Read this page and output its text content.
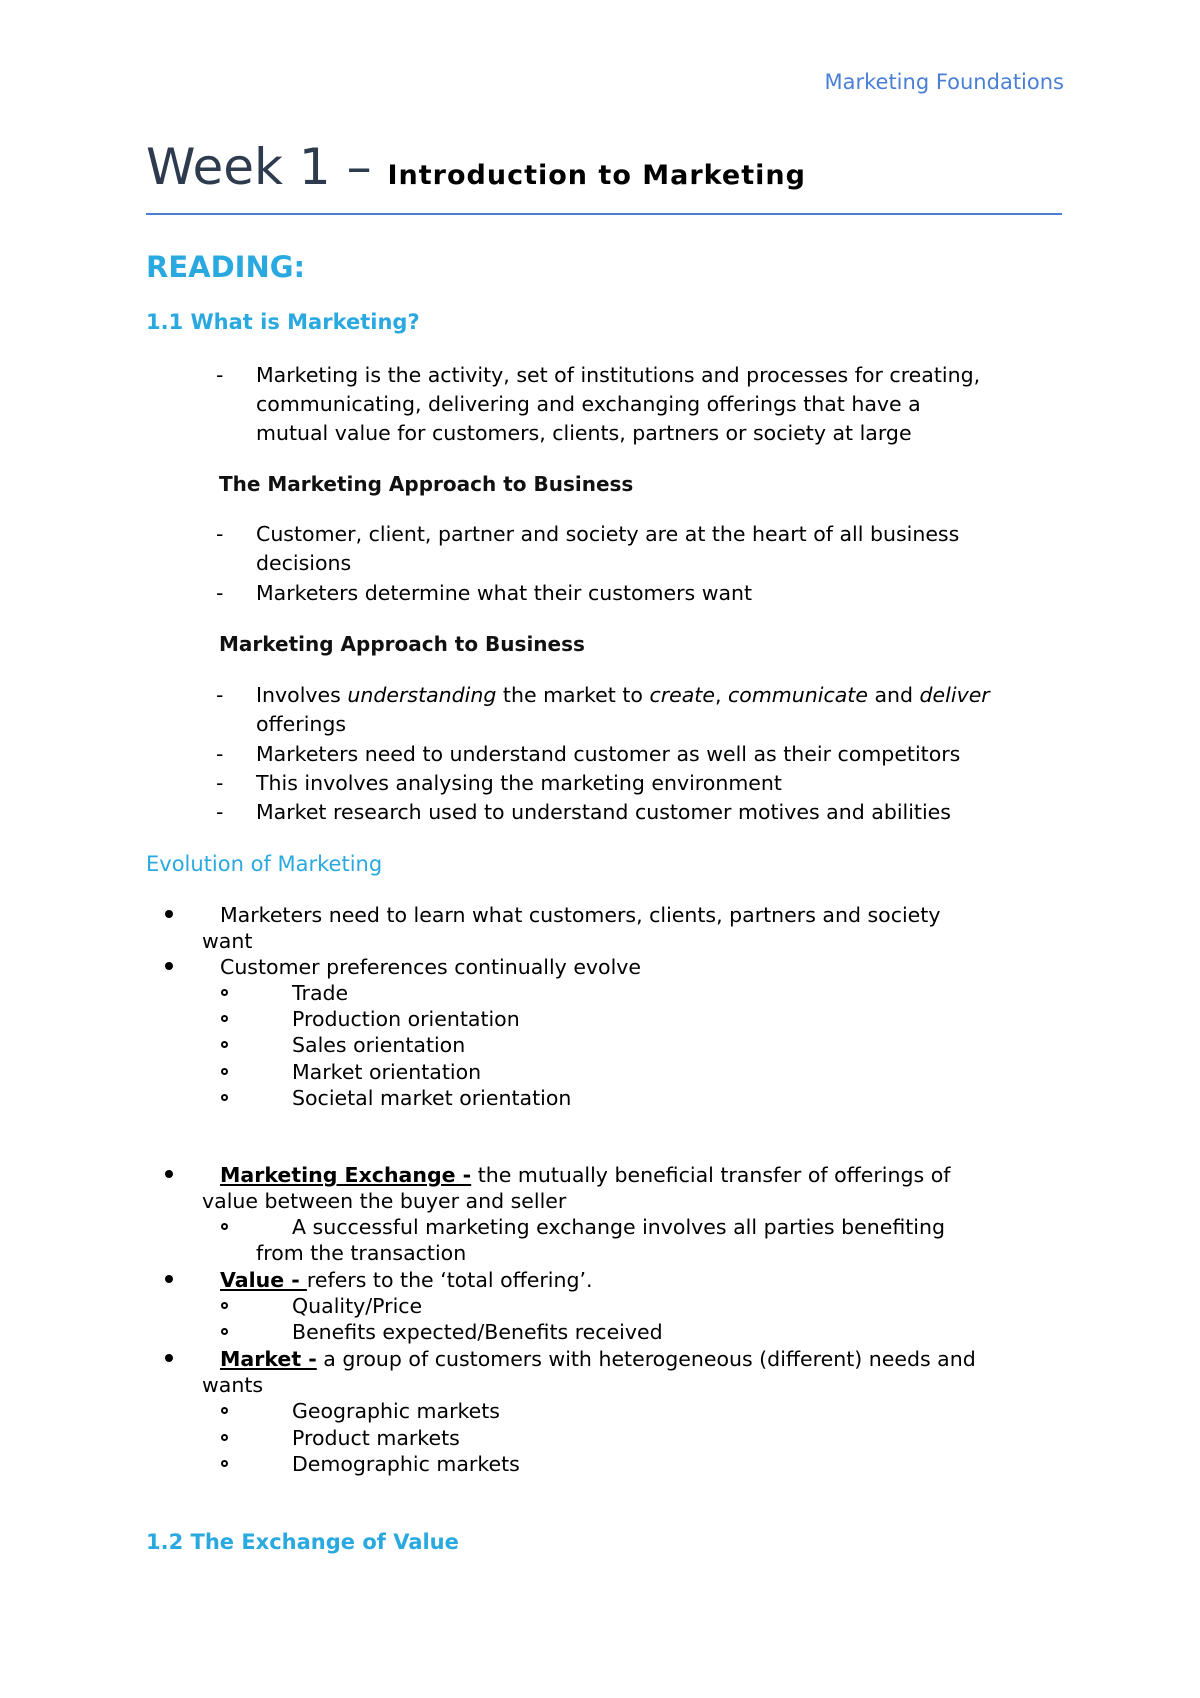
Marketing Foundations
Week 1 – Introduction to Marketing
READING:
1.1 What is Marketing?
- Marketing is the activity, set of institutions and processes for creating,
communicating, delivering and exchanging offerings that have a
mutual value for customers, clients, partners or society at large
The Marketing Approach to Business
- Customer, client, partner and society are at the heart of all business
decisions
- Marketers determine what their customers want
Marketing Approach to Business
- Involves understanding the market to create, communicate and deliver
offerings
- Marketers need to understand customer as well as their competitors
- This involves analysing the marketing environment
- Market research used to understand customer motives and abilities
Evolution of Marketing
Marketers need to learn what customers, clients, partners and society
want
Customer preferences continually evolve
Trade
Production orientation
Sales orientation
Market orientation
Societal market orientation
Marketing Exchange - the mutually beneficial transfer of offerings of
value between the buyer and seller
A successful marketing exchange involves all parties benefiting
from the transaction
Value - refers to the ‘total offering’.
Quality/Price
Benefits expected/Benefits received
Market - a group of customers with heterogeneous (different) needs and
wants
Geographic markets
Product markets
Demographic markets
1.2 The Exchange of Value
